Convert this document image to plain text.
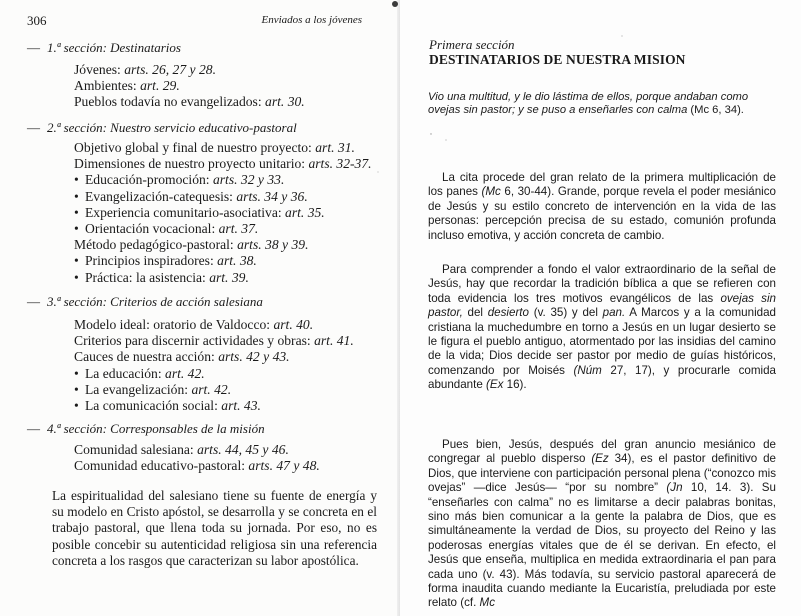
306	Enviados a los jóvenes
— 1.ª sección: Destinatarios
Jóvenes: arts. 26, 27 y 28.
Ambientes: art. 29.
Pueblos todavía no evangelizados: art. 30.
— 2.ª sección: Nuestro servicio educativo-pastoral
Objetivo global y final de nuestro proyecto: art. 31.
Dimensiones de nuestro proyecto unitario: arts. 32-37.
• Educación-promoción: arts. 32 y 33.
• Evangelización-catequesis: arts. 34 y 36.
• Experiencia comunitario-asociativa: art. 35.
• Orientación vocacional: art. 37.
Método pedagógico-pastoral: arts. 38 y 39.
• Principios inspiradores: art. 38.
• Práctica: la asistencia: art. 39.
— 3.ª sección: Criterios de acción salesiana
Modelo ideal: oratorio de Valdocco: art. 40.
Criterios para discernir actividades y obras: art. 41.
Cauces de nuestra acción: arts. 42 y 43.
• La educación: art. 42.
• La evangelización: art. 42.
• La comunicación social: art. 43.
— 4.ª sección: Corresponsables de la misión
Comunidad salesiana: arts. 44, 45 y 46.
Comunidad educativo-pastoral: arts. 47 y 48.
La espiritualidad del salesiano tiene su fuente de energía y su modelo en Cristo apóstol, se desarrolla y se concreta en el trabajo pastoral, que llena toda su jornada. Por eso, no es posible concebir su autenticidad religiosa sin una referencia concreta a los rasgos que caracterizan su labor apostólica.
Primera sección
DESTINATARIOS DE NUESTRA MISION
Vio una multitud, y le dio lástima de ellos, porque andaban como ovejas sin pastor; y se puso a enseñarles con calma (Mc 6, 34).
La cita procede del gran relato de la primera multiplicación de los panes (Mc 6, 30-44). Grande, porque revela el poder mesiánico de Jesús y su estilo concreto de intervención en la vida de las personas: percepción precisa de su estado, comunión profunda incluso emotiva, y acción concreta de cambio.
Para comprender a fondo el valor extraordinario de la señal de Jesús, hay que recordar la tradición bíblica a que se refieren con toda evidencia los tres motivos evangélicos de las ovejas sin pastor, del desierto (v. 35) y del pan. A Marcos y a la comunidad cristiana la muchedumbre en torno a Jesús en un lugar desierto se le figura el pueblo antiguo, atormentado por las insidias del camino de la vida; Dios decide ser pastor por medio de guías históricos, comenzando por Moisés (Núm 27, 17), y procurarle comida abundante (Ex 16).
Pues bien, Jesús, después del gran anuncio mesiánico de congregar al pueblo disperso (Ez 34), es el pastor definitivo de Dios, que interviene con participación personal plena (“conozco mis ovejas” —dice Jesús— “por su nombre” (Jn 10, 14. 3). Su “enseñarles con calma” no es limitarse a decir palabras bonitas, sino más bien comunicar a la gente la palabra de Dios, que es simultáneamente la verdad de Dios, su proyecto del Reino y las poderosas energías vitales que de él se derivan. En efecto, el Jesús que enseña, multiplica en medida extraordinaria el pan para cada uno (v. 43). Más todavía, su servicio pastoral aparecerá de forma inaudita cuando mediante la Eucaristía, preludiada por este relato (cf. Mc
